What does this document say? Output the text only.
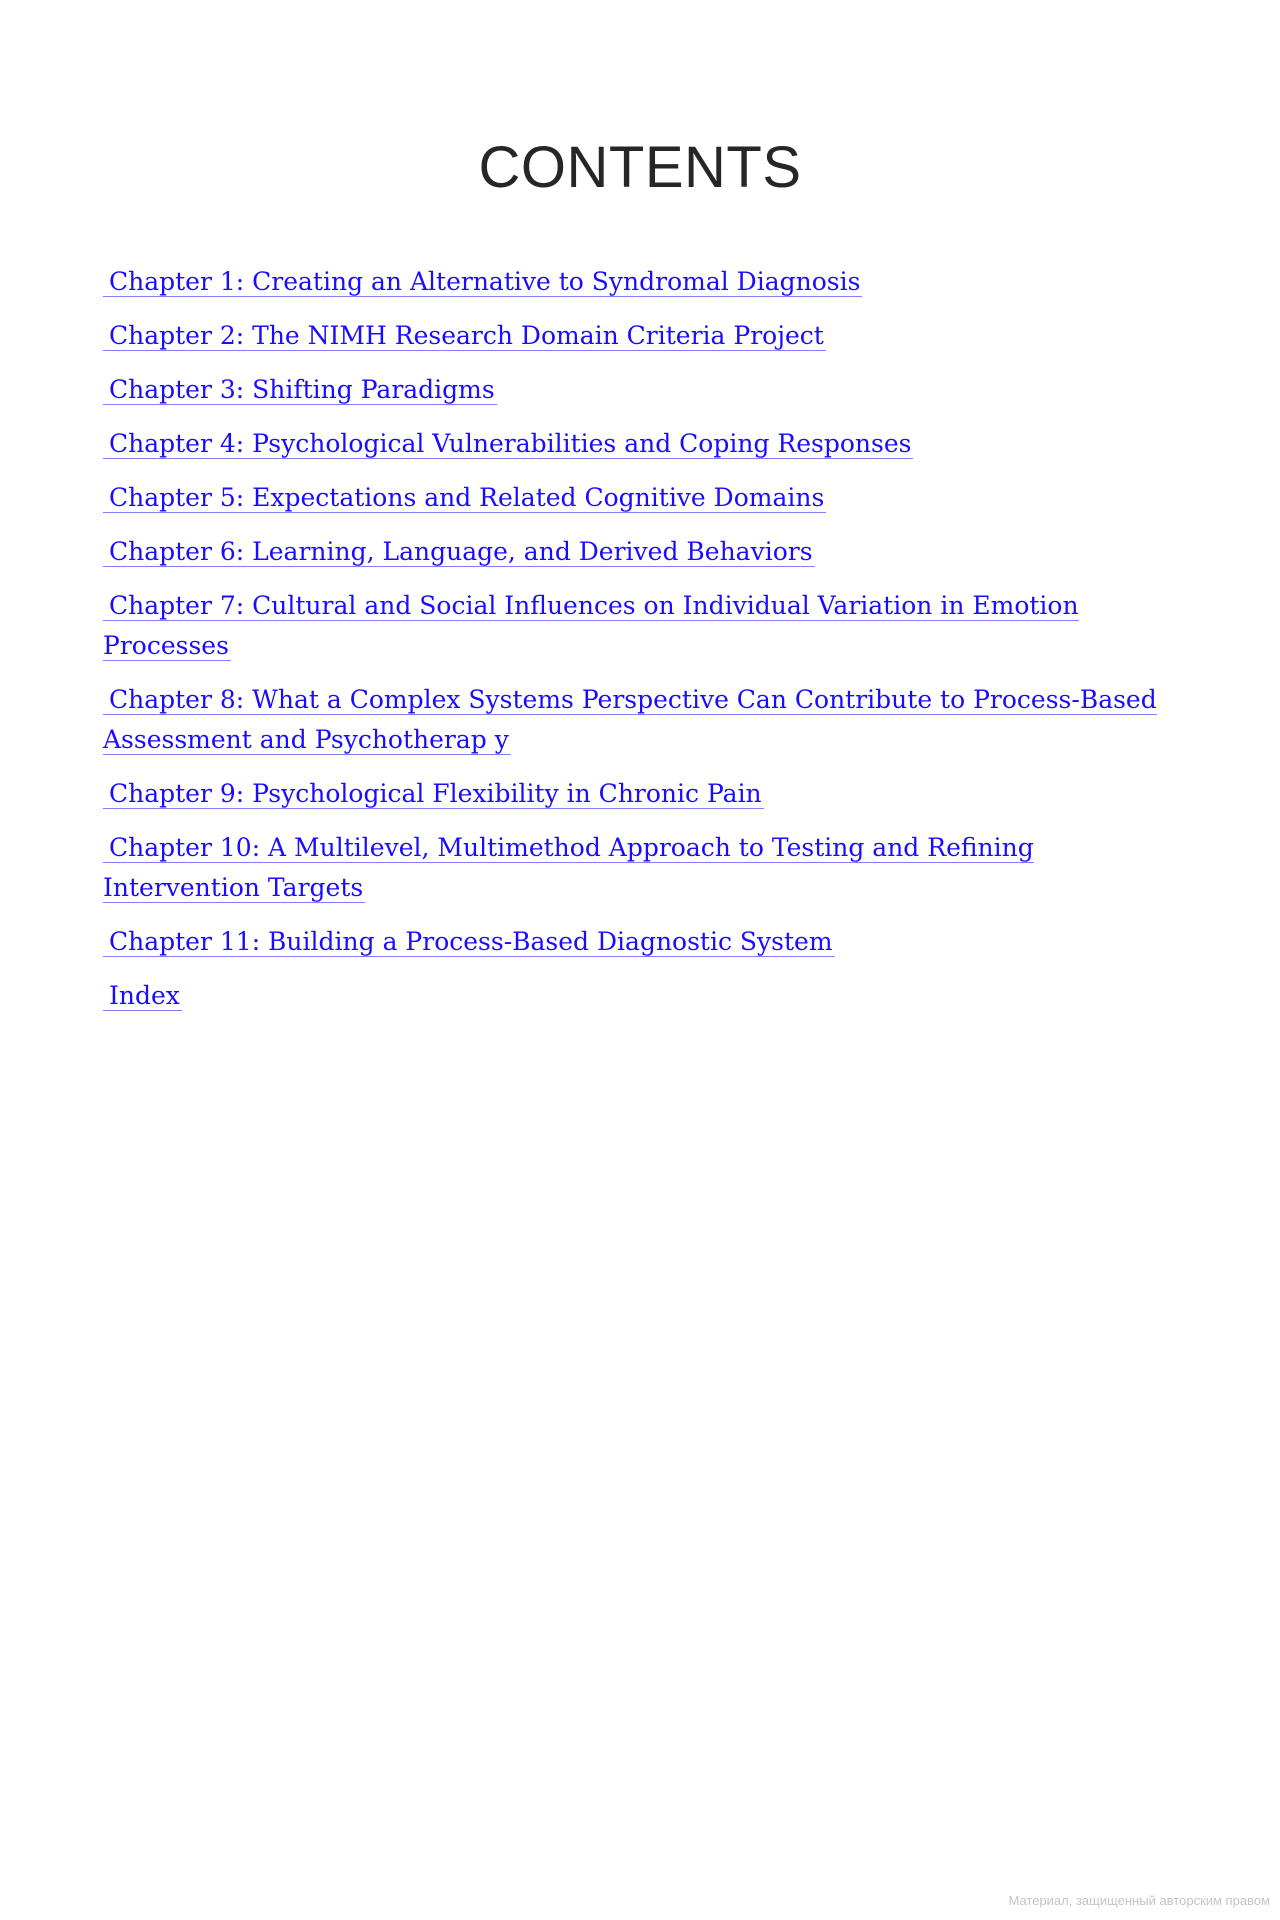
CONTENTS
Chapter 1: Creating an Alternative to Syndromal Diagnosis
Chapter 2: The NIMH Research Domain Criteria Project
Chapter 3: Shifting Paradigms
Chapter 4: Psychological Vulnerabilities and Coping Responses
Chapter 5: Expectations and Related Cognitive Domains
Chapter 6: Learning, Language, and Derived Behaviors
Chapter 7: Cultural and Social Influences on Individual Variation in Emotion Processes
Chapter 8: What a Complex Systems Perspective Can Contribute to Process-Based Assessment and Psychotherap y
Chapter 9: Psychological Flexibility in Chronic Pain
Chapter 10: A Multilevel, Multimethod Approach to Testing and Refining Intervention Targets
Chapter 11: Building a Process-Based Diagnostic System
Index
Материал, защищенный авторским правом
